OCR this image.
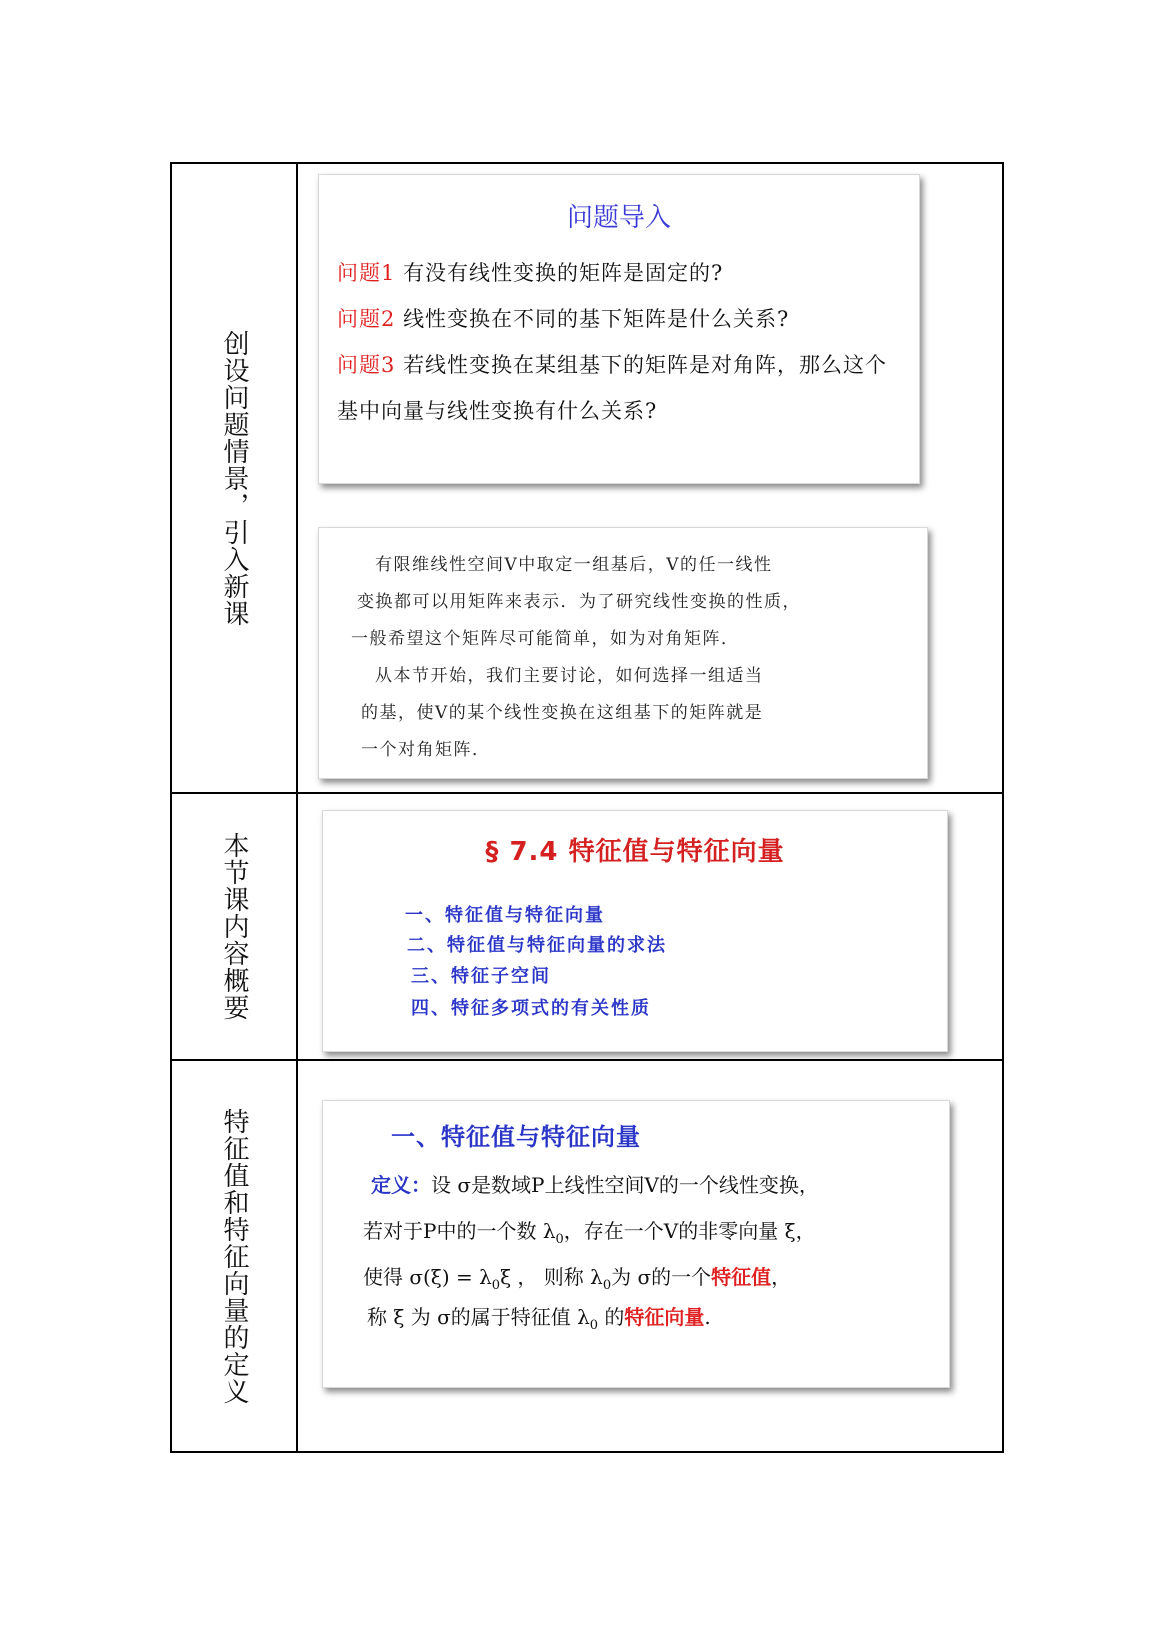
创设问题情景，引入新课
问题导入
问题1 有没有线性变换的矩阵是固定的?
问题2 线性变换在不同的基下矩阵是什么关系?
问题3 若线性变换在某组基下的矩阵是对角阵，那么这个
基中向量与线性变换有什么关系?
有限维线性空间V中取定一组基后，V的任一线性
变换都可以用矩阵来表示．为了研究线性变换的性质，
一般希望这个矩阵尽可能简单，如为对角矩阵．
从本节开始，我们主要讨论，如何选择一组适当
的基，使V的某个线性变换在这组基下的矩阵就是
一个对角矩阵．
本节课内容概要	§ 7.4 特征值与特征向量
一、特征值与特征向量
二、特征值与特征向量的求法
三、特征子空间
四、特征多项式的有关性质
特征值和特征向量的定义	一、特征值与特征向量
定义：设 σ是数域P上线性空间V的一个线性变换，
若对于P中的一个数 $\lambda_0$，存在一个V的非零向量 ξ，
使得 $\sigma(\xi) = \lambda_0\xi$ ， 则称 $\lambda_0$为 σ的一个特征值，
称 ξ 为 σ的属于特征值 $\lambda_0$ 的特征向量.
